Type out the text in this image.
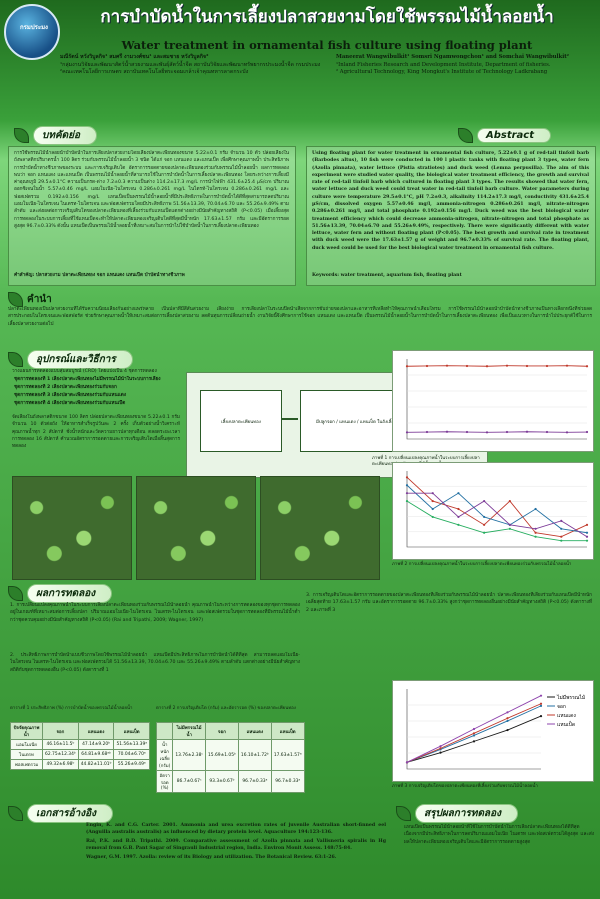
กรมประมง
การบำบัดน้ำในการเลี้ยงปลาสวยงามโดยใช้พรรณไม้น้ำลอยน้ำ
Water treatment in ornamental fish culture using floating plant
มณีรัตน์ หวังวิบูลกิจ¹ สมศรี งามวงศ์ชน¹ และสมชาย หวังวิบูลกิจ²
¹กลุ่มงานวิจัยและพัฒนาสัตว์น้ำสวยงามและพันธุ์สัตว์น้ำจืด สถาบันวิจัยและพัฒนาทรัพยากรประมงน้ำจืด กรมประมง
²คณะเทคโนโลยีการเกษตร สถาบันเทคโนโลยีพระจอมเกล้าเจ้าคุณทหารลาดกระบัง
Maneerat Wangwibulkit¹ Somsri Ngamwongchon¹ and Somchai Wangwibulkit²
¹Inland Fisheries Research and Development Institute, Department of fisheries.
² Agricultural Technology, King Mongkut's Institute of Technology Ladkrabang
บทคัดย่อ
การใช้พรรณไม้น้ำลอยน้ำบำบัดน้ำในการเลี้ยงปลาสวยงามโดยเลี้ยงปลาตะเพียนทองขนาด 5.22±0.1 กรัม จำนวน 10 ตัว ปล่อยเลี้ยงในถังพลาสติกปริมาตรน้ำ 100 ลิตร ร่วมกับพรรณไม้น้ำลอยน้ำ 3 ชนิด ได้แก่ จอก แหนแดง และแหนเป็ด เพื่อศึกษาคุณภาพน้ำ ประสิทธิภาพการบำบัดน้ำทางชีวภาพของระบบ และการเจริญเติบโต อัตราการรอดตายของปลาตะเพียนทองร่วมกับพรรณไม้น้ำลอยน้ำ ผลการทดลองพบว่า จอก แหนแดง และแหนเป็ด เป็นพรรณไม้น้ำลอยน้ำที่สามารถใช้ในการบำบัดน้ำในการเลี้ยงปลาตะเพียนทอง โดยระหว่างการเลี้ยงมีค่าอุณหภูมิ 29.5±0.1°C ความเป็นกรด-ด่าง 7.2±0.3 ความเป็นด่าง 114.2±17.3 mg/L การนำไฟฟ้า 431.6±25.4 µS/cm ปริมาณออกซิเจนในน้ำ 5.57±0.46 mg/L แอมโมเนีย-ไนโตรเจน 0.286±0.261 mg/L ไนไตรท์-ไนโตรเจน 0.286±0.261 mg/L และฟอสเฟตรวม 0.192±0.156 mg/L แหนเป็ดเป็นพรรณไม้น้ำลอยน้ำที่มีประสิทธิภาพในการบำบัดน้ำได้ดีที่สุดสามารถลดปริมาณแอมโมเนีย-ไนโตรเจน ไนเตรท-ไนโตรเจน และฟอสเฟตรวมโดยมีประสิทธิภาพ 51.56±13.39, 70.04±6.70 และ 55.26±9.49% ตามลำดับ และส่งผลต่อการเจริญเติบโตของปลาตะเพียนทองที่เลี้ยงร่วมกับแหนเป็ดแตกต่างอย่างมีนัยสำคัญทางสถิติ (P<0.05) เมื่อเลี้ยงสุดการทดลองในระบบการเลี้ยงที่ใช้แหนเป็ดจะทำให้ปลาตะเพียนทองเจริญเติบโตดีที่สุดมีน้ำหนัก 17.63±1.57 กรัม และมีอัตราการรอดสูงสุด 96.7±0.33% ดังนั้น แหนเป็ดเป็นพรรณไม้น้ำลอยน้ำที่เหมาะสมในการนำไปใช้บำบัดน้ำในการเลี้ยงปลาตะเพียนทอง
คำสำคัญ: ปลาสวยงาม ปลาตะเพียนทอง จอก แหนแดง แหนเป็ด บำบัดน้ำทางชีวภาพ
Abstract
Using floating plant for water treatment in ornamental fish culture, 5.22±0.1 g of red-tail tinfoil barb (Barbodes altus), 10 fish were conducted in 100 l plastic tanks with floating plant 3 types, water fern (Azolla pinnata), water lettuce (Pistia stratiotes) and duck weed (Lemna perpusilla). The aim of this experiment were studied water quality, the biological water treatment efficiency, the growth and survival rate of red-tail tinfoil barb which cultured in floating plant 3 types. The results showed that water fern, water lettuce and duck weed could treat water in red-tail tinfoil barb culture. Water parameters during culture were temperature 29.5±0.1°C, pH 7.2±0.3, alkalinity 114.2±17.3 mg/l, conductivity 431.6±25.4 µS/cm, dissolved oxygen 5.57±0.46 mg/l, ammonia-nitrogen 0.286±0.261 mg/l, nitrate-nitrogen 0.286±0.261 mg/l, and total phosphate 0.192±0.156 mg/l. Duck weed was the best biological water treatment efficiency which could decrease ammonia-nitrogen, nitrate-nitrogen and total phosphate as 51.56±13.39, 70.04±6.70 and 55.26±9.49%, respectively. There were significantly different with water lettuce, water fern and without floating plant (P<0.05). The best growth and survival rate in treatment with duck weed were the 17.63±1.57 g of weight and 96.7±0.33% of survival rate. The floating plant, duck weed could be used for the best biological water treatment in ornamental fish culture.
Keywords: water treatment, aquarium fish, floating plant
คำนำ
ปลาตะเพียนทองเป็นปลาสวยงามที่ได้รับความนิยมเลี้ยงกันอย่างแพร่หลาย เป็นปลาที่มีสีสันสวยงาม เลี้ยงง่าย การเลี้ยงปลาในระบบปิดน้ำเสียจากการขับถ่ายของปลาและอาหารที่เหลือทำให้คุณภาพน้ำเสื่อมโทรม การใช้พรรณไม้น้ำลอยน้ำบำบัดน้ำทางชีวภาพเป็นทางเลือกหนึ่งที่ช่วยลดสารประกอบไนโตรเจนและฟอสฟอรัส ช่วยรักษาคุณภาพน้ำให้เหมาะสมต่อการเลี้ยงปลาสวยงาม ลดต้นทุนการเปลี่ยนถ่ายน้ำ งานวิจัยนี้จึงศึกษาการใช้จอก แหนแดง และแหนเป็ด เป็นพรรณไม้น้ำลอยน้ำในการบำบัดน้ำในการเลี้ยงปลาตะเพียนทอง เพื่อเป็นแนวทางในการนำไปประยุกต์ใช้ในการเลี้ยงปลาสวยงามต่อไป
อุปกรณ์และวิธีการ
วางแผนการทดลองแบบสุ่มสมบูรณ์ (CRD) โดยแบ่งเป็น 4 ชุดการทดลอง
ชุดการทดลองที่ 1 เลี้ยงปลาตะเพียนทองไม่มีพรรณไม้น้ำในระบบการเลี้ยง
ชุดการทดลองที่ 2 เลี้ยงปลาตะเพียนทองร่วมกับจอก
ชุดการทดลองที่ 3 เลี้ยงปลาตะเพียนทองร่วมกับแหนแดง
ชุดการทดลองที่ 4 เลี้ยงปลาตะเพียนทองร่วมกับแหนเป็ด
จัดเลี้ยงในถังพลาสติกขนาด 100 ลิตร ปล่อยปลาตะเพียนทองขนาด 5.22±0.1 กรัม จำนวน 10 ตัวต่อถัง ให้อาหารสำเร็จรูปวันละ 2 ครั้ง เก็บตัวอย่างน้ำวิเคราะห์คุณภาพน้ำทุก 2 สัปดาห์ ชั่งน้ำหนักและวัดความยาวปลาทุกเดือน ตลอดระยะเวลาการทดลอง 16 สัปดาห์ คำนวณอัตราการรอดตายและการเจริญเติบโตเมื่อสิ้นสุดการทดลอง
เลี้ยงปลาตะเพียนทอง	มีปลูกจอก / แหนแดง / แหนเป็ด ในถังเลี้ยง
ภาพที่ 1 การเปลี่ยนแปลงคุณภาพน้ำในระบบการเลี้ยงปลาตะเพียนทองร่วมกับพรรณไม้น้ำลอยน้ำ
ผลการทดลอง
1. การเปลี่ยนแปลงคุณภาพน้ำในระบบการเลี้ยงปลาตะเพียนทองร่วมกับพรรณไม้น้ำลอยน้ำ คุณภาพน้ำในระหว่างการทดลองของทุกชุดการทดลองอยู่ในเกณฑ์ที่เหมาะสมต่อการเลี้ยงปลา ปริมาณแอมโมเนีย-ไนโตรเจน ไนเตรท-ไนโตรเจน และฟอสเฟตรวมในชุดการทดลองที่มีพรรณไม้น้ำต่ำกว่าชุดควบคุมอย่างมีนัยสำคัญทางสถิติ (P<0.05) (Rai and Tripathi, 2009; Wagner, 1997)
2. ประสิทธิภาพการบำบัดน้ำแบบชีวภาพโดยใช้พรรณไม้น้ำลอยน้ำ แหนเป็ดมีประสิทธิภาพในการบำบัดน้ำได้ดีที่สุด สามารถลดแอมโมเนีย-ไนโตรเจน ไนเตรท-ไนโตรเจน และฟอสเฟตรวมได้ 51.56±13.39, 70.04±6.70 และ 55.26±9.49% ตามลำดับ แตกต่างอย่างมีนัยสำคัญทางสถิติกับชุดการทดลองอื่น (P<0.05) ดังตารางที่ 1
ภาพที่ 2 การเปลี่ยนแปลงคุณภาพน้ำในระบบการเลี้ยงปลาตะเพียนทองร่วมกับพรรณไม้น้ำลอยน้ำ
3. การเจริญเติบโตและอัตราการรอดตายของปลาตะเพียนทองที่เลี้ยงร่วมกับพรรณไม้น้ำลอยน้ำ ปลาตะเพียนทองที่เลี้ยงร่วมกับแหนเป็ดมีน้ำหนักเฉลี่ยสุดท้าย 17.63±1.57 กรัม และอัตราการรอดตาย 96.7±0.33% สูงกว่าชุดการทดลองอื่นอย่างมีนัยสำคัญทางสถิติ (P<0.05) ดังตารางที่ 2 และภาพที่ 3
ตารางที่ 1 ประสิทธิภาพ (%) การบำบัดน้ำของพรรณไม้น้ำลอยน้ำ
ปัจจัยคุณภาพน้ำ	จอก	แหนแดง	แหนเป็ด
แอมโมเนีย	46.16±11.5ᵇ	47.14±9.20ᵇ	51.56±13.39ᵃ
ไนเตรท	62.75±12.34ᵇ	64.81±9.68ᵃᵇ	70.04±6.70ᵃ
ฟอสเฟตรวม	49.32±6.98ᵇ	44.82±11.01ᵇ	55.26±9.49ᵃ
ตารางที่ 2 การเจริญเติบโต (กรัม) และอัตรารอด (%) ของปลาตะเพียนทอง
	ไม่มีพรรณไม้น้ำ	จอก	แหนแดง	แหนเป็ด
น้ำหนักเฉลี่ย (กรัม)	13.76±2.38ᶜ	15.69±1.05ᵇ	16.10±1.72ᵇ	17.63±1.57ᵃ
อัตรารอด (%)	86.7±0.67ᶜ	93.3±0.67ᵇ	96.7±0.33ᵃ	96.7±0.33ᵃ
ไม่มีพรรณไม้
จอก
แหนแดง
แหนเป็ด
ภาพที่ 3 การเจริญเติบโตของปลาตะเพียนทองที่เลี้ยงร่วมกับพรรณไม้น้ำลอยน้ำ
เอกสารอ้างอิง
Engin, K. and C.G. Carter. 2001. Ammonia and urea excretion rates of juvenile Australian short-finned eel (Anguilla australis australis) as influenced by dietary protein level. Aquaculture 194:123-136.
Rai, P.K. and B.D. Tripathi. 2009. Comparative assessment of Azolla pinnata and Vallisneria spiralis in Hg removal from G.B. Pant Sagar of Singrauli Industrial region, India. Environ Monit Assess. 148:75-84.
Wagner, G.M. 1997. Azolla: review of its Biology and utilization. The Botanical Review. 63:1-26.
สรุปผลการทดลอง
แหนเป็ดเป็นพรรณไม้น้ำลอยน้ำที่ใช้ในการบำบัดน้ำในการเลี้ยงปลาตะเพียนทองได้ดีที่สุด เนื่องจากมีประสิทธิภาพในการลดปริมาณแอมโมเนีย ไนเตรท และฟอสเฟตรวมได้สูงสุด และส่งผลให้ปลาตะเพียนทองเจริญเติบโตและมีอัตราการรอดตายสูงสุด
